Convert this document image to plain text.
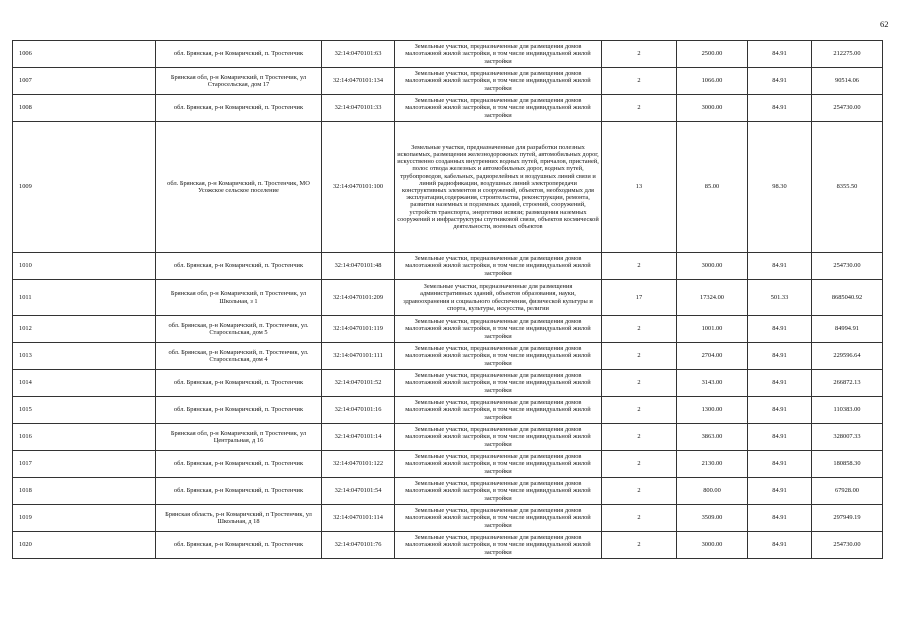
62
1006	обл. Брянская, р-н Комаричский, п. Тростенчик	32:14:0470101:63	Земельные участки, предназначенные для размещения домов малоэтажной жилой застройки, в том числе индивидуальной жилой застройки	2	2500.00	84.91	212275.00
1007	Брянская обл, р-н Комаричский, п Тростенчик, ул Старосельская, дом 17	32:14:0470101:134	Земельные участки, предназначенные для размещения домов малоэтажной жилой застройки, в том числе индивидуальной жилой застройки	2	1066.00	84.91	90514.06
1008	обл. Брянская, р-н Комаричский, п. Тростенчик	32:14:0470101:33	Земельные участки, предназначенные для размещения домов малоэтажной жилой застройки, в том числе индивидуальной жилой застройки	2	3000.00	84.91	254730.00
1009	обл. Брянская, р-н Комаричский, п. Тростенчик, МО Усожское сельское поселение	32:14:0470101:100	Земельные участки, предназначенные для разработки полезных ископаемых, размещения железнодорожных путей, автомобильных дорог, искусственно созданных внутренних водных путей, причалов, пристаней, полос отвода железных и автомобильных дорог, водных путей, трубопроводов, кабельных, радиорелейных и воздушных линий связи и линий радиофикации, воздушных линий электропередачи конструктивных элементов и сооружений, объектов, необходимых для эксплуатации,содержания, строительства, реконструкции, ремонта, развития наземных и подземных зданий, строений, сооружений, устройств транспорта, энергетики исвязи; размещения наземных сооружений и инфраструктуры спутниковой связи, объектов космической деятельности, военных объектов	13	85.00	98.30	8355.50
1010	обл. Брянская, р-н Комаричский, п. Тростенчик	32:14:0470101:48	Земельные участки, предназначенные для размещения домов малоэтажной жилой застройки, в том числе индивидуальной жилой застройки	2	3000.00	84.91	254730.00
1011	Брянская обл, р-н Комаричский, п Тростенчик, ул Школьная, з 1	32:14:0470101:209	Земельные участки, предназначенные для размещения административных зданий, объектов образования, науки, здравоохранения и социального обеспечения, физической культуры и спорта, культуры, искусства, религии	17	17324.00	501.33	8685040.92
1012	обл. Брянская, р-н Комаричский, п. Тростенчик, ул. Старосельская, дом 5	32:14:0470101:119	Земельные участки, предназначенные для размещения домов малоэтажной жилой застройки, в том числе индивидуальной жилой застройки	2	1001.00	84.91	84994.91
1013	обл. Брянская, р-н Комаричский, п. Тростенчик, ул. Старосельская, дом 4	32:14:0470101:111	Земельные участки, предназначенные для размещения домов малоэтажной жилой застройки, в том числе индивидуальной жилой застройки	2	2704.00	84.91	229596.64
1014	обл. Брянская, р-н Комаричский, п. Тростенчик	32:14:0470101:52	Земельные участки, предназначенные для размещения домов малоэтажной жилой застройки, в том числе индивидуальной жилой застройки	2	3143.00	84.91	266872.13
1015	обл. Брянская, р-н Комаричский, п. Тростенчик	32:14:0470101:16	Земельные участки, предназначенные для размещения домов малоэтажной жилой застройки, в том числе индивидуальной жилой застройки	2	1300.00	84.91	110383.00
1016	Брянская обл, р-н Комаричский, п Тростенчик, ул Центральная, д 16	32:14:0470101:14	Земельные участки, предназначенные для размещения домов малоэтажной жилой застройки, в том числе индивидуальной жилой застройки	2	3863.00	84.91	328007.33
1017	обл. Брянская, р-н Комаричский, п. Тростенчик	32:14:0470101:122	Земельные участки, предназначенные для размещения домов малоэтажной жилой застройки, в том числе индивидуальной жилой застройки	2	2130.00	84.91	180858.30
1018	обл. Брянская, р-н Комаричский, п. Тростенчик	32:14:0470101:54	Земельные участки, предназначенные для размещения домов малоэтажной жилой застройки, в том числе индивидуальной жилой застройки	2	800.00	84.91	67928.00
1019	Брянская область, р-н Комаричский, п Тростенчик, ул Школьная, д 18	32:14:0470101:114	Земельные участки, предназначенные для размещения домов малоэтажной жилой застройки, в том числе индивидуальной жилой застройки	2	3509.00	84.91	297949.19
1020	обл. Брянская, р-н Комаричский, п. Тростенчик	32:14:0470101:76	Земельные участки, предназначенные для размещения домов малоэтажной жилой застройки, в том числе индивидуальной жилой застройки	2	3000.00	84.91	254730.00
